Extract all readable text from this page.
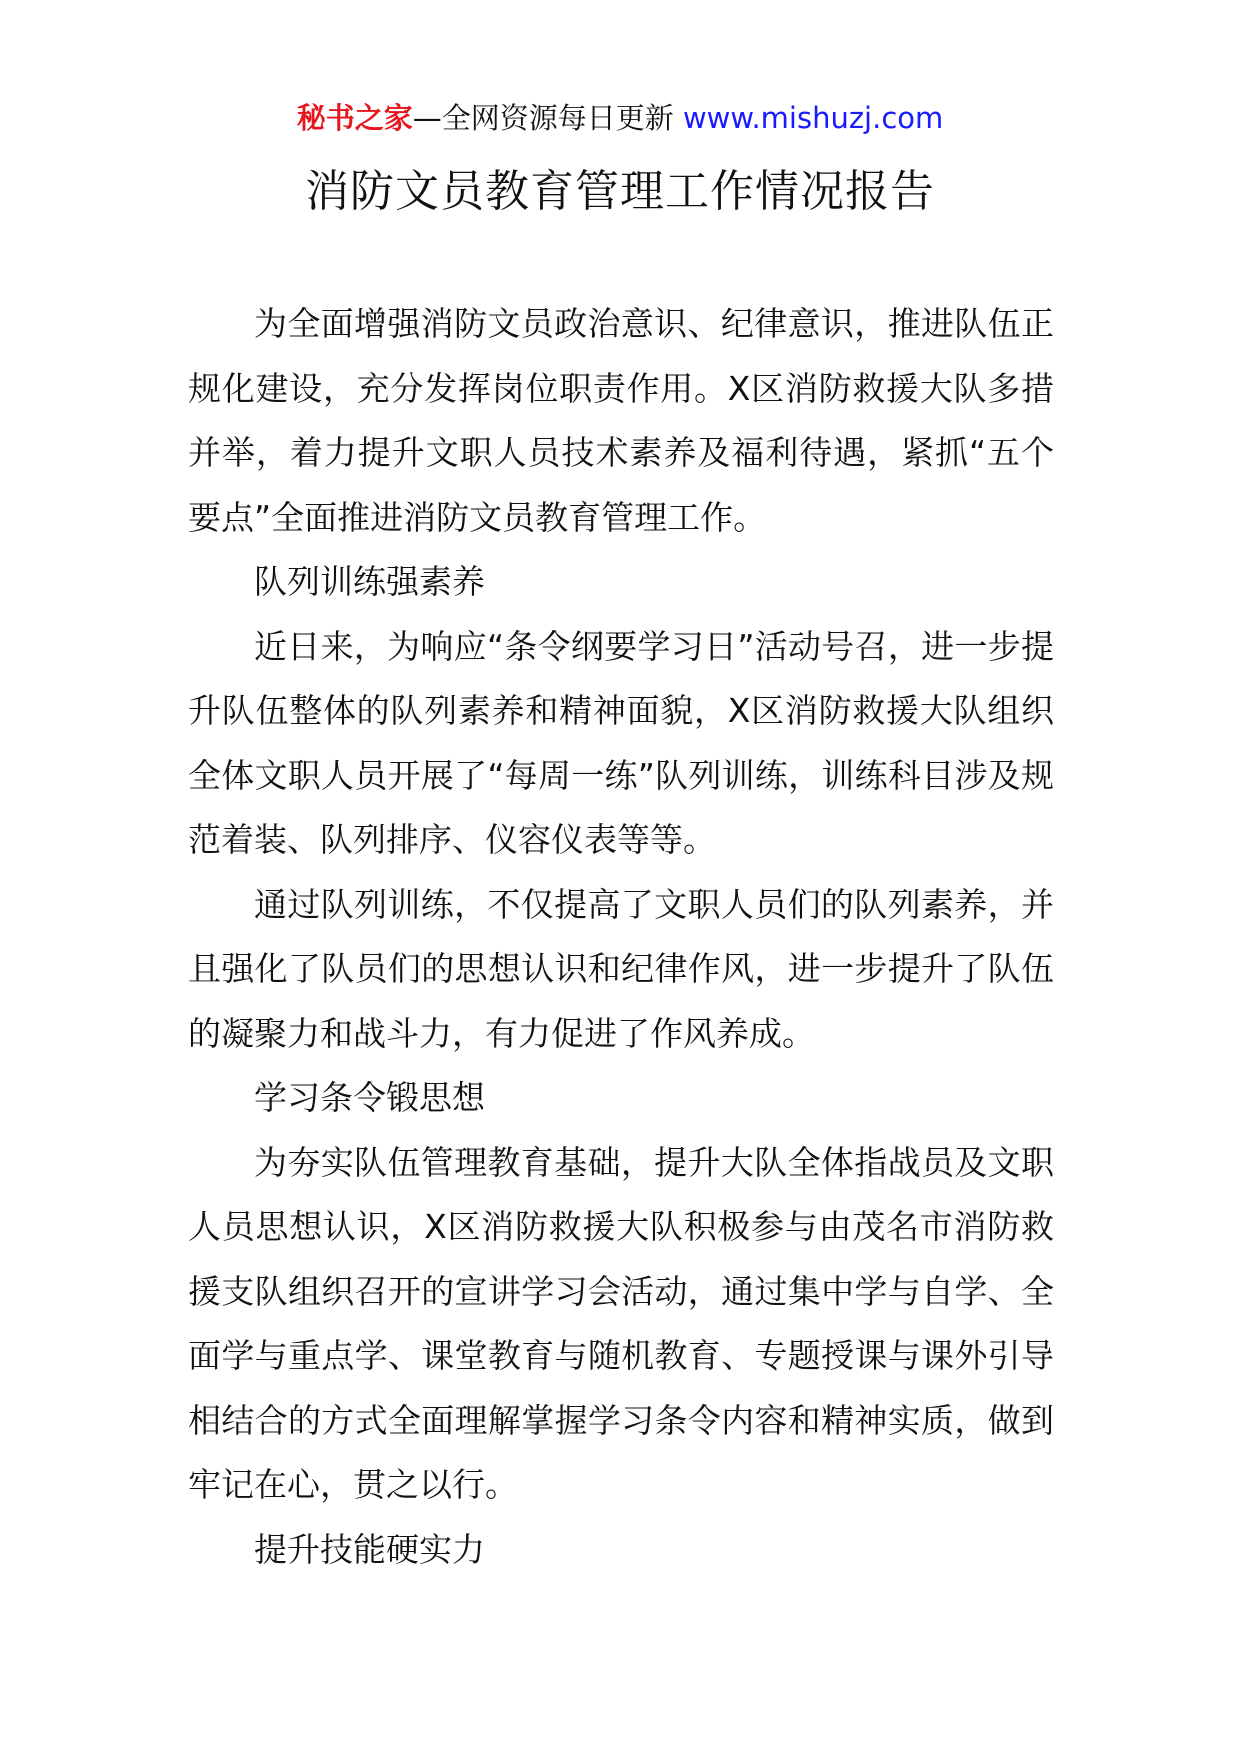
秘书之家—全网资源每日更新 www.mishuzj.com
消防文员教育管理工作情况报告

为全面增强消防文员政治意识、纪律意识，推进队伍正规化建设，充分发挥岗位职责作用。X区消防救援大队多措并举，着力提升文职人员技术素养及福利待遇，紧抓“五个要点”全面推进消防文员教育管理工作。

队列训练强素养

近日来，为响应“条令纲要学习日”活动号召，进一步提升队伍整体的队列素养和精神面貌，X区消防救援大队组织全体文职人员开展了“每周一练”队列训练，训练科目涉及规范着装、队列排序、仪容仪表等等。

通过队列训练，不仅提高了文职人员们的队列素养，并且强化了队员们的思想认识和纪律作风，进一步提升了队伍的凝聚力和战斗力，有力促进了作风养成。

学习条令锻思想

为夯实队伍管理教育基础，提升大队全体指战员及文职人员思想认识，X区消防救援大队积极参与由茂名市消防救援支队组织召开的宣讲学习会活动，通过集中学与自学、全面学与重点学、课堂教育与随机教育、专题授课与课外引导相结合的方式全面理解掌握学习条令内容和精神实质，做到牢记在心，贯之以行。

提升技能硬实力
